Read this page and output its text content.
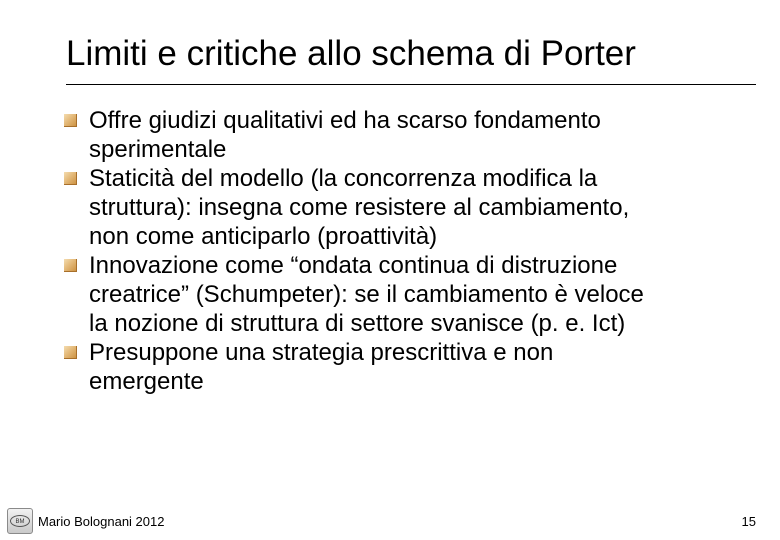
Limiti e critiche allo schema di Porter
Offre giudizi qualitativi ed ha scarso fondamento
sperimentale
Staticità del modello (la concorrenza modifica la
struttura): insegna come resistere al cambiamento,
non come anticiparlo (proattività)
Innovazione come “ondata continua di distruzione
creatrice” (Schumpeter): se il cambiamento è veloce
la nozione di struttura di settore svanisce (p. e. Ict)
Presuppone una strategia prescrittiva e non
emergente
BM	Mario Bolognani 2012	15
